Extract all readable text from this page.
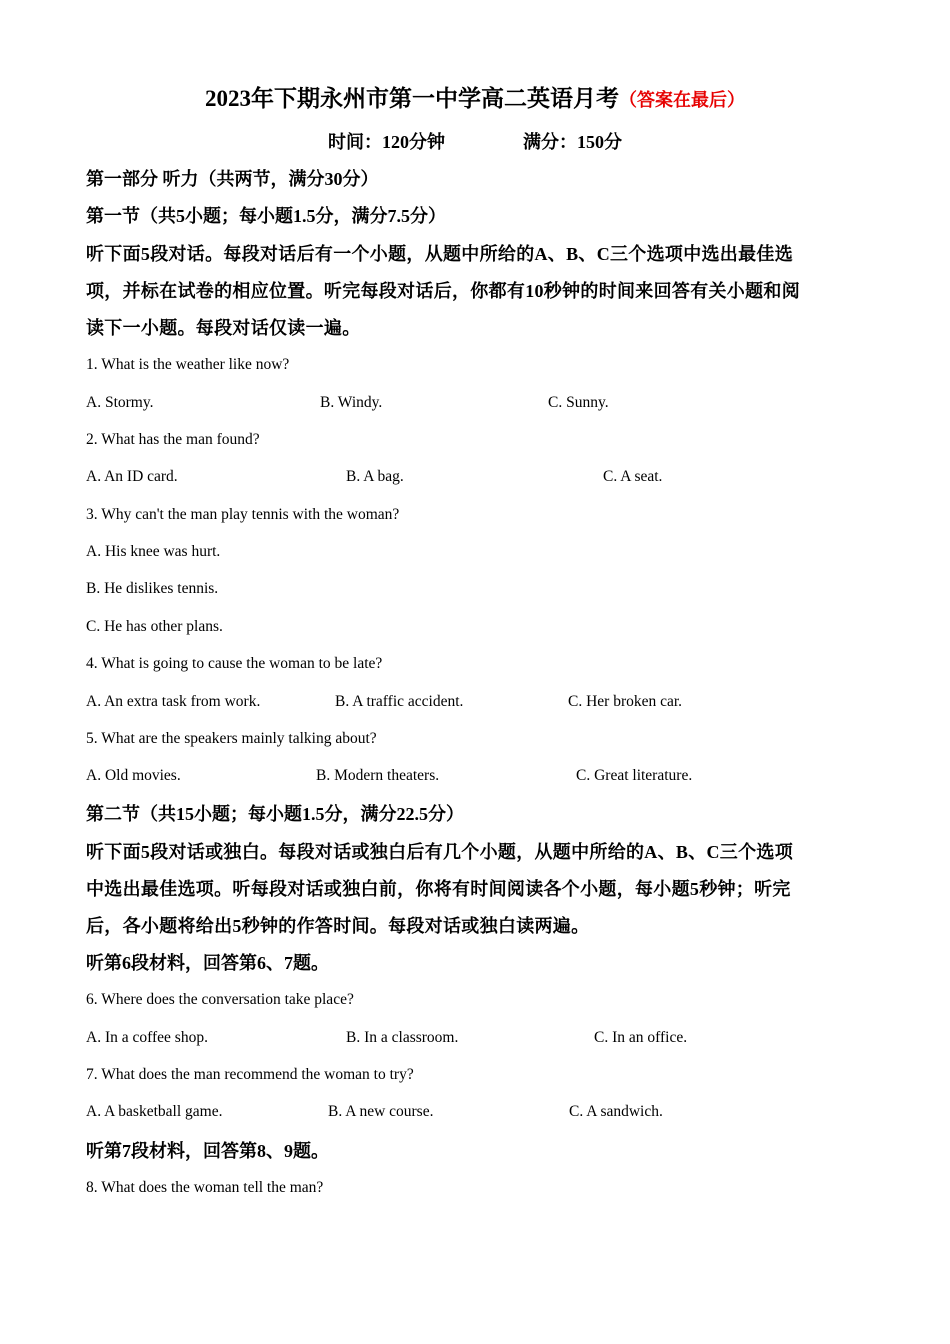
2023年下期永州市第一中学高二英语月考（答案在最后）
时间：120分钟	满分：150分
第一部分 听力（共两节，满分30分）
第一节（共5小题；每小题1.5分，满分7.5分）
听下面5段对话。每段对话后有一个小题，从题中所给的A、B、C三个选项中选出最佳选
项，并标在试卷的相应位置。听完每段对话后，你都有10秒钟的时间来回答有关小题和阅
读下一小题。每段对话仅读一遍。
1. What is the weather like now?
A. Stormy.	B. Windy.	C. Sunny.
2. What has the man found?
A. An ID card.	B. A bag.	C. A seat.
3. Why can't the man play tennis with the woman?
A. His knee was hurt.
B. He dislikes tennis.
C. He has other plans.
4. What is going to cause the woman to be late?
A. An extra task from work.	B. A traffic accident.	C. Her broken car.
5. What are the speakers mainly talking about?
A. Old movies.	B. Modern theaters.	C. Great literature.
第二节（共15小题；每小题1.5分，满分22.5分）
听下面5段对话或独白。每段对话或独白后有几个小题，从题中所给的A、B、C三个选项
中选出最佳选项。听每段对话或独白前，你将有时间阅读各个小题，每小题5秒钟；听完
后，各小题将给出5秒钟的作答时间。每段对话或独白读两遍。
听第6段材料，回答第6、7题。
6. Where does the conversation take place?
A. In a coffee shop.	B. In a classroom.	C. In an office.
7. What does the man recommend the woman to try?
A. A basketball game.	B. A new course.	C. A sandwich.
听第7段材料，回答第8、9题。
8. What does the woman tell the man?
